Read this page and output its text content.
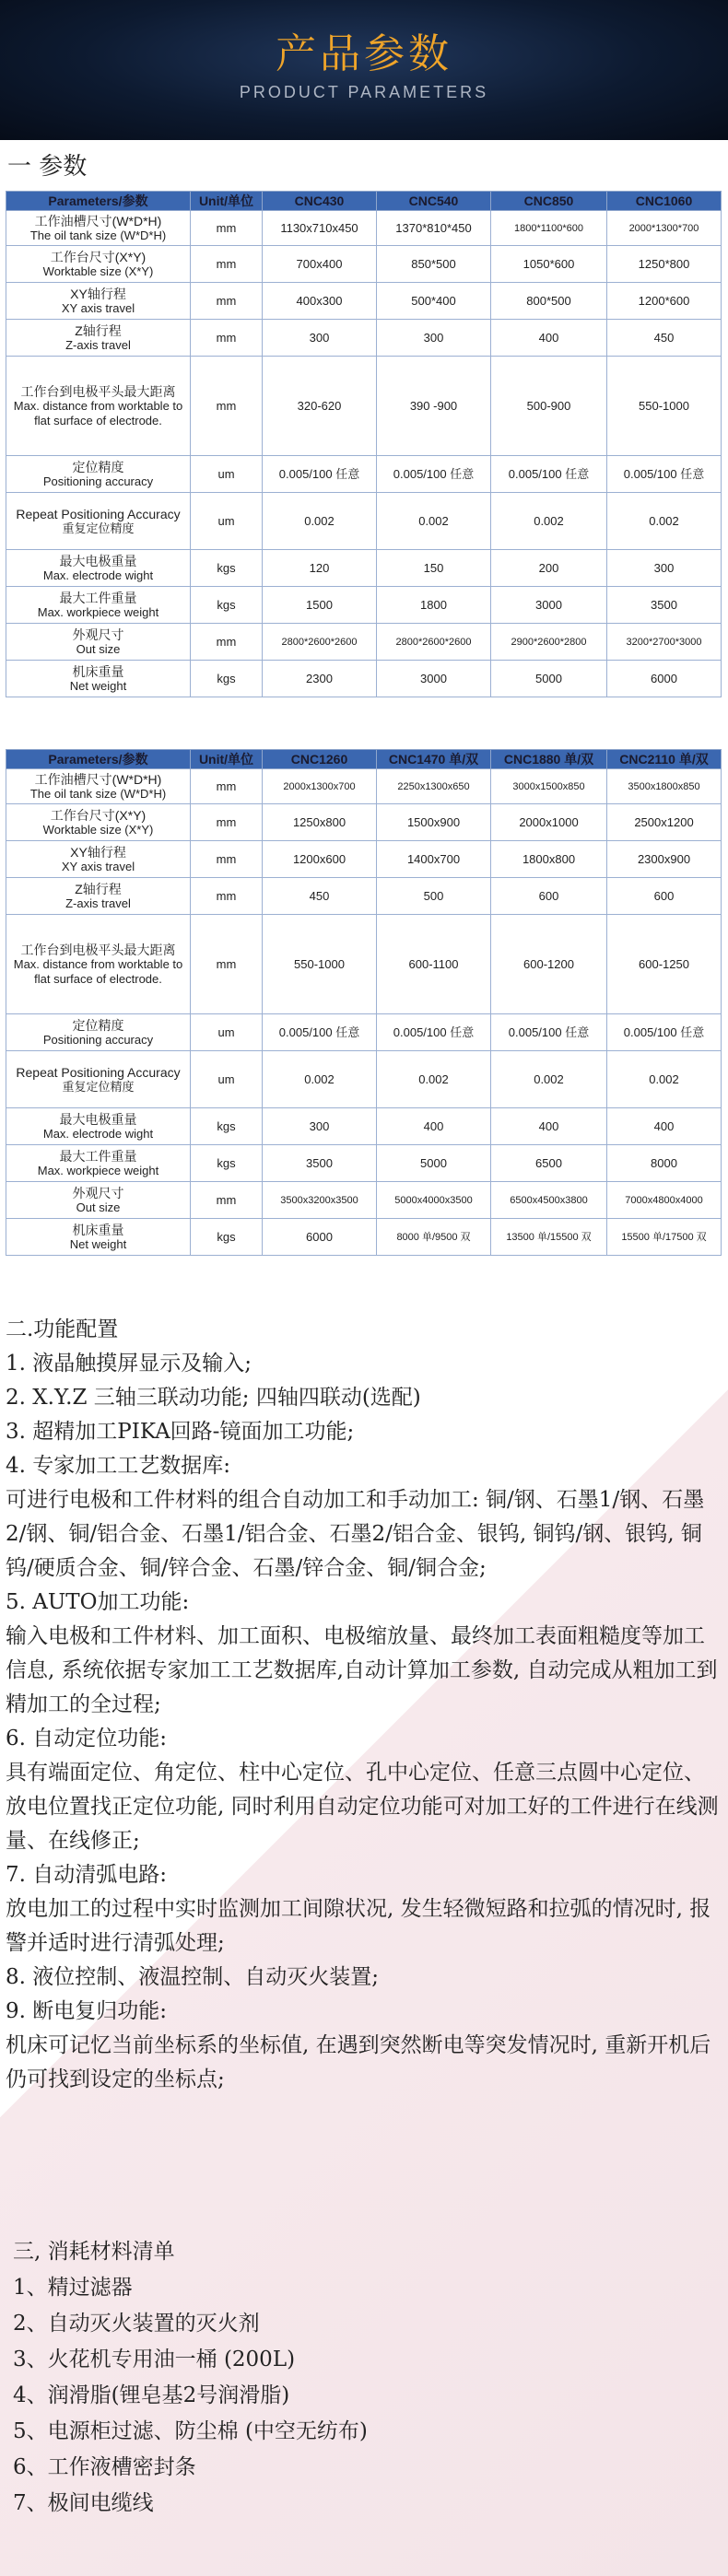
产品参数
PRODUCT PARAMETERS
一 参数
Parameters/参数	Unit/单位	CNC430	CNC540	CNC850	CNC1060

工作油槽尺寸(W*D*H)
The oil tank size (W*D*H)	mm	1130x710x450	1370*810*450	1800*1100*600	2000*1300*700

工作台尺寸(X*Y)
Worktable size (X*Y)	mm	700x400	850*500	1050*600	1250*800

XY轴行程
XY axis travel	mm	400x300	500*400	800*500	1200*600

Z轴行程
Z-axis travel	mm	300	300	400	450

工作台到电极平头最大距离
Max. distance from worktable to flat surface of electrode.	mm	320-620	390 -900	500-900	550-1000

定位精度
Positioning accuracy	um	0.005/100 任意	0.005/100 任意	0.005/100 任意	0.005/100 任意

Repeat Positioning Accuracy
重复定位精度	um	0.002	0.002	0.002	0.002

最大电极重量
Max. electrode wight	kgs	120	150	200	300

最大工件重量
Max. workpiece weight	kgs	1500	1800	3000	3500

外观尺寸
Out size	mm	2800*2600*2600	2800*2600*2600	2900*2600*2800	3200*2700*3000

机床重量
Net weight	kgs	2300	3000	5000	6000
Parameters/参数	Unit/单位	CNC1260	CNC1470 单/双	CNC1880 单/双	CNC2110 单/双

工作油槽尺寸(W*D*H)
The oil tank size (W*D*H)	mm	2000x1300x700	2250x1300x650	3000x1500x850	3500x1800x850

工作台尺寸(X*Y)
Worktable size (X*Y)	mm	1250x800	1500x900	2000x1000	2500x1200

XY轴行程
XY axis travel	mm	1200x600	1400x700	1800x800	2300x900

Z轴行程
Z-axis travel	mm	450	500	600	600

工作台到电极平头最大距离
Max. distance from worktable to flat surface of electrode.	mm	550-1000	600-1100	600-1200	600-1250

定位精度
Positioning accuracy	um	0.005/100 任意	0.005/100 任意	0.005/100 任意	0.005/100 任意

Repeat Positioning Accuracy
重复定位精度	um	0.002	0.002	0.002	0.002

最大电极重量
Max. electrode wight	kgs	300	400	400	400

最大工件重量
Max. workpiece weight	kgs	3500	5000	6500	8000

外观尺寸
Out size	mm	3500x3200x3500	5000x4000x3500	6500x4500x3800	7000x4800x4000

机床重量
Net weight	kgs	6000	8000 单/9500 双	13500 单/15500 双	15500 单/17500 双
二.功能配置
1. 液晶触摸屏显示及输入;
2. X.Y.Z 三轴三联动功能; 四轴四联动(选配)
3. 超精加工PIKA回路-镜面加工功能;
4. 专家加工工艺数据库:
可进行电极和工件材料的组合自动加工和手动加工: 铜/钢、石墨1/钢、石墨2/钢、铜/铝合金、石墨1/铝合金、石墨2/铝合金、银钨, 铜钨/钢、银钨, 铜钨/硬质合金、铜/锌合金、石墨/锌合金、铜/铜合金;
5. AUTO加工功能:
输入电极和工件材料、加工面积、电极缩放量、最终加工表面粗糙度等加工信息, 系统依据专家加工工艺数据库,自动计算加工参数, 自动完成从粗加工到精加工的全过程;
6. 自动定位功能:
具有端面定位、角定位、柱中心定位、孔中心定位、任意三点圆中心定位、放电位置找正定位功能, 同时利用自动定位功能可对加工好的工件进行在线测量、在线修正;
7. 自动清弧电路:
放电加工的过程中实时监测加工间隙状况, 发生轻微短路和拉弧的情况时, 报警并适时进行清弧处理;
8. 液位控制、液温控制、自动灭火装置;
9. 断电复归功能:
机床可记忆当前坐标系的坐标值, 在遇到突然断电等突发情况时, 重新开机后仍可找到设定的坐标点;
三, 消耗材料清单
1、精过滤器
2、自动灭火装置的灭火剂
3、火花机专用油一桶 (200L)
4、润滑脂(锂皂基2号润滑脂)
5、电源柜过滤、防尘棉 (中空无纺布)
6、工作液槽密封条
7、极间电缆线
